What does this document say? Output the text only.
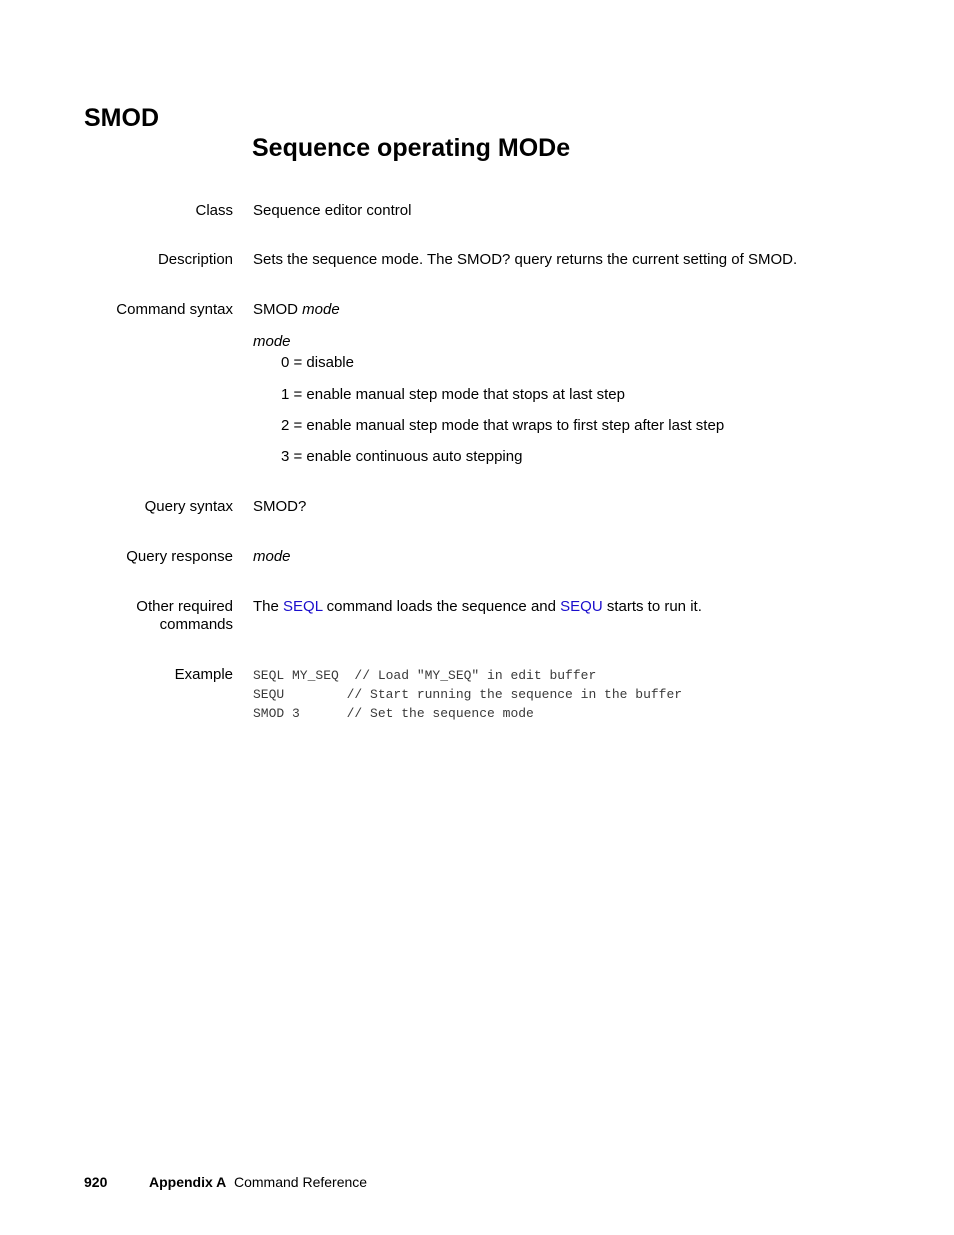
SMOD
Sequence operating MODe
Class Sequence editor control
Description Sets the sequence mode. The SMOD? query returns the current setting of SMOD.
Command syntax SMOD mode
mode
0 = disable
1 = enable manual step mode that stops at last step
2 = enable manual step mode that wraps to first step after last step
3 = enable continuous auto stepping
Query syntax SMOD?
Query response mode
Other required
commands
The SEQL command loads the sequence and SEQU starts to run it.
Example SEQL MY_SEQ  // Load "MY_SEQ" in edit buffer
SEQU        // Start running the sequence in the buffer
SMOD 3      // Set the sequence mode
920	Appendix A Command Reference
